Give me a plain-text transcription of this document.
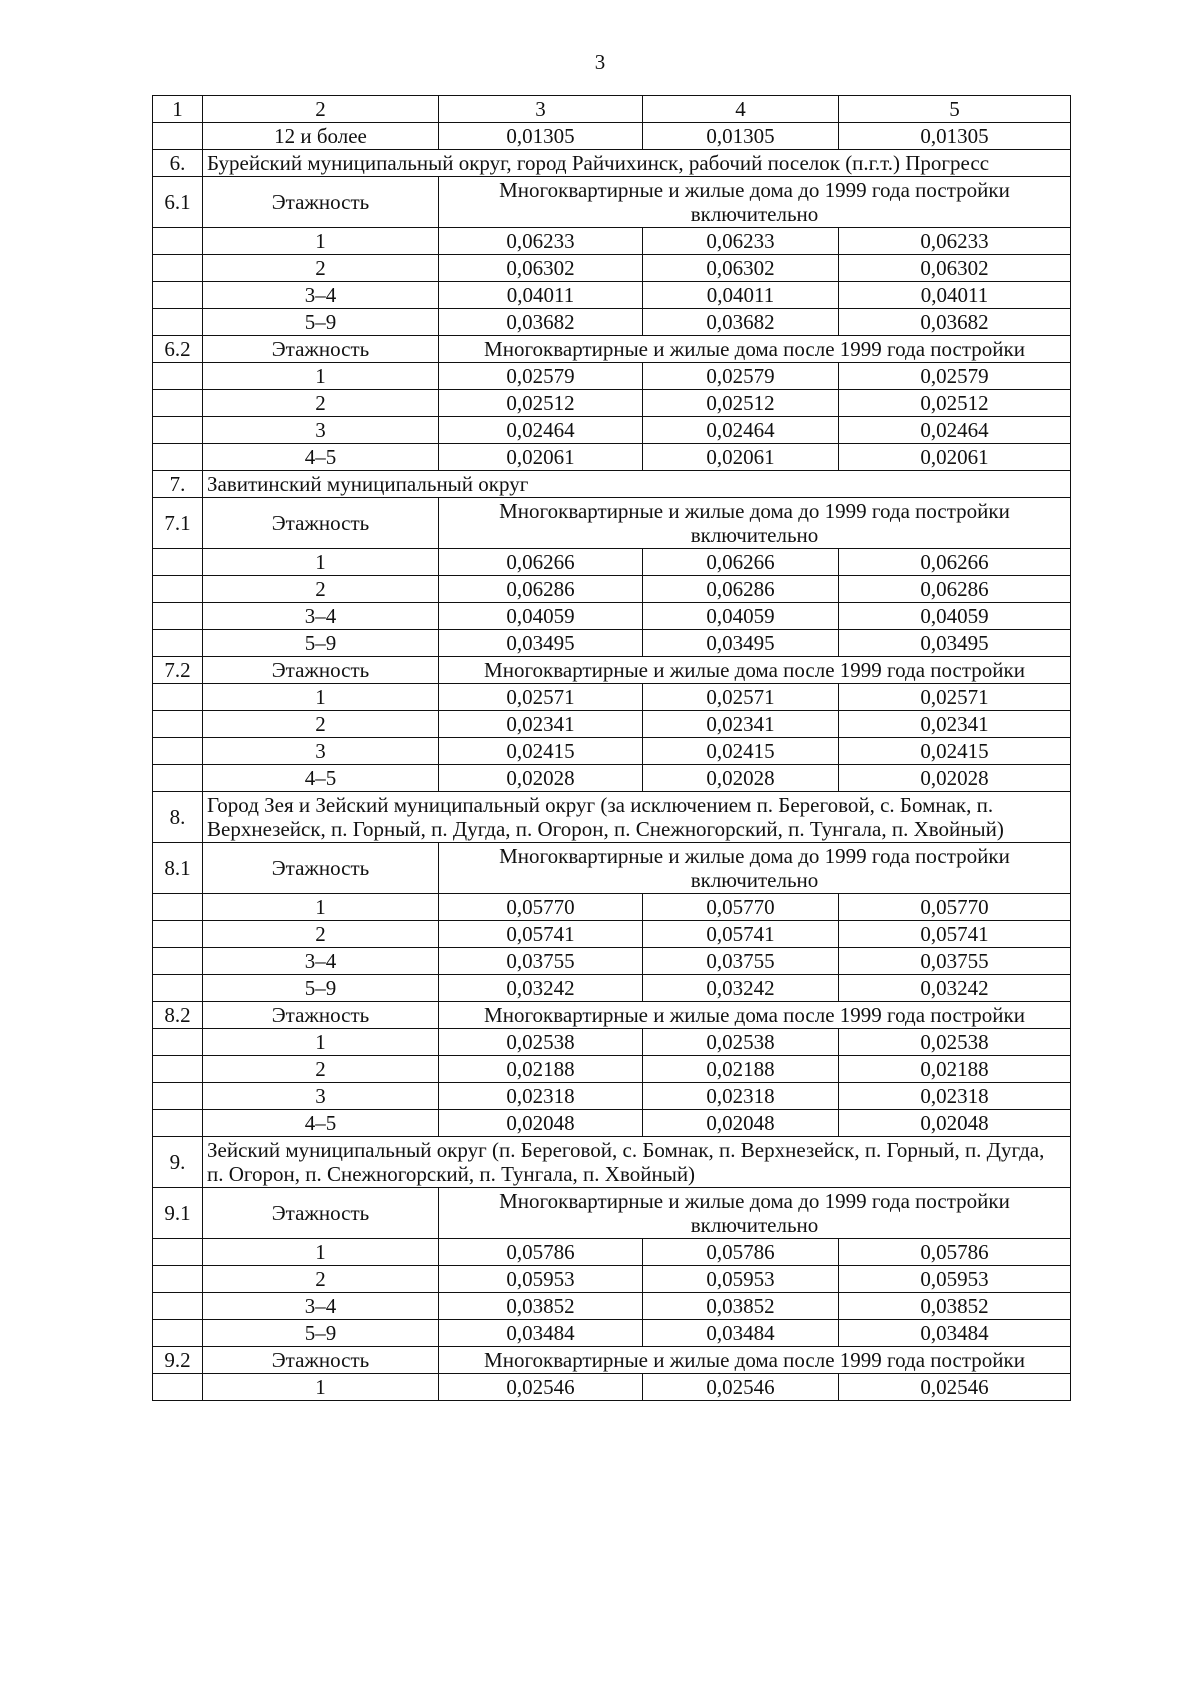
3
1	2	3	4	5
	12 и более	0,01305	0,01305	0,01305
6.	Бурейский муниципальный округ, город Райчихинск, рабочий поселок (п.г.т.) Прогресс			
6.1	Этажность	Многоквартирные и жилые дома до 1999 года постройки включительно		
	1	0,06233	0,06233	0,06233
	2	0,06302	0,06302	0,06302
	3–4	0,04011	0,04011	0,04011
	5–9	0,03682	0,03682	0,03682
6.2	Этажность	Многоквартирные и жилые дома после 1999 года постройки		
	1	0,02579	0,02579	0,02579
	2	0,02512	0,02512	0,02512
	3	0,02464	0,02464	0,02464
	4–5	0,02061	0,02061	0,02061
7.	Завитинский муниципальный округ			
7.1	Этажность	Многоквартирные и жилые дома до 1999 года постройки включительно		
	1	0,06266	0,06266	0,06266
	2	0,06286	0,06286	0,06286
	3–4	0,04059	0,04059	0,04059
	5–9	0,03495	0,03495	0,03495
7.2	Этажность	Многоквартирные и жилые дома после 1999 года постройки		
	1	0,02571	0,02571	0,02571
	2	0,02341	0,02341	0,02341
	3	0,02415	0,02415	0,02415
	4–5	0,02028	0,02028	0,02028
8.	Город Зея и Зейский муниципальный округ (за исключением п. Береговой, с. Бомнак, п. Верхнезейск, п. Горный, п. Дугда, п. Огорон, п. Снежногорский, п. Тунгала, п. Хвойный)			
8.1	Этажность	Многоквартирные и жилые дома до 1999 года постройки включительно		
	1	0,05770	0,05770	0,05770
	2	0,05741	0,05741	0,05741
	3–4	0,03755	0,03755	0,03755
	5–9	0,03242	0,03242	0,03242
8.2	Этажность	Многоквартирные и жилые дома после 1999 года постройки		
	1	0,02538	0,02538	0,02538
	2	0,02188	0,02188	0,02188
	3	0,02318	0,02318	0,02318
	4–5	0,02048	0,02048	0,02048
9.	Зейский муниципальный округ (п. Береговой, с. Бомнак, п. Верхнезейск, п. Горный, п. Дугда, п. Огорон, п. Снежногорский, п. Тунгала, п. Хвойный)			
9.1	Этажность	Многоквартирные и жилые дома до 1999 года постройки включительно		
	1	0,05786	0,05786	0,05786
	2	0,05953	0,05953	0,05953
	3–4	0,03852	0,03852	0,03852
	5–9	0,03484	0,03484	0,03484
9.2	Этажность	Многоквартирные и жилые дома после 1999 года постройки		
	1	0,02546	0,02546	0,02546
